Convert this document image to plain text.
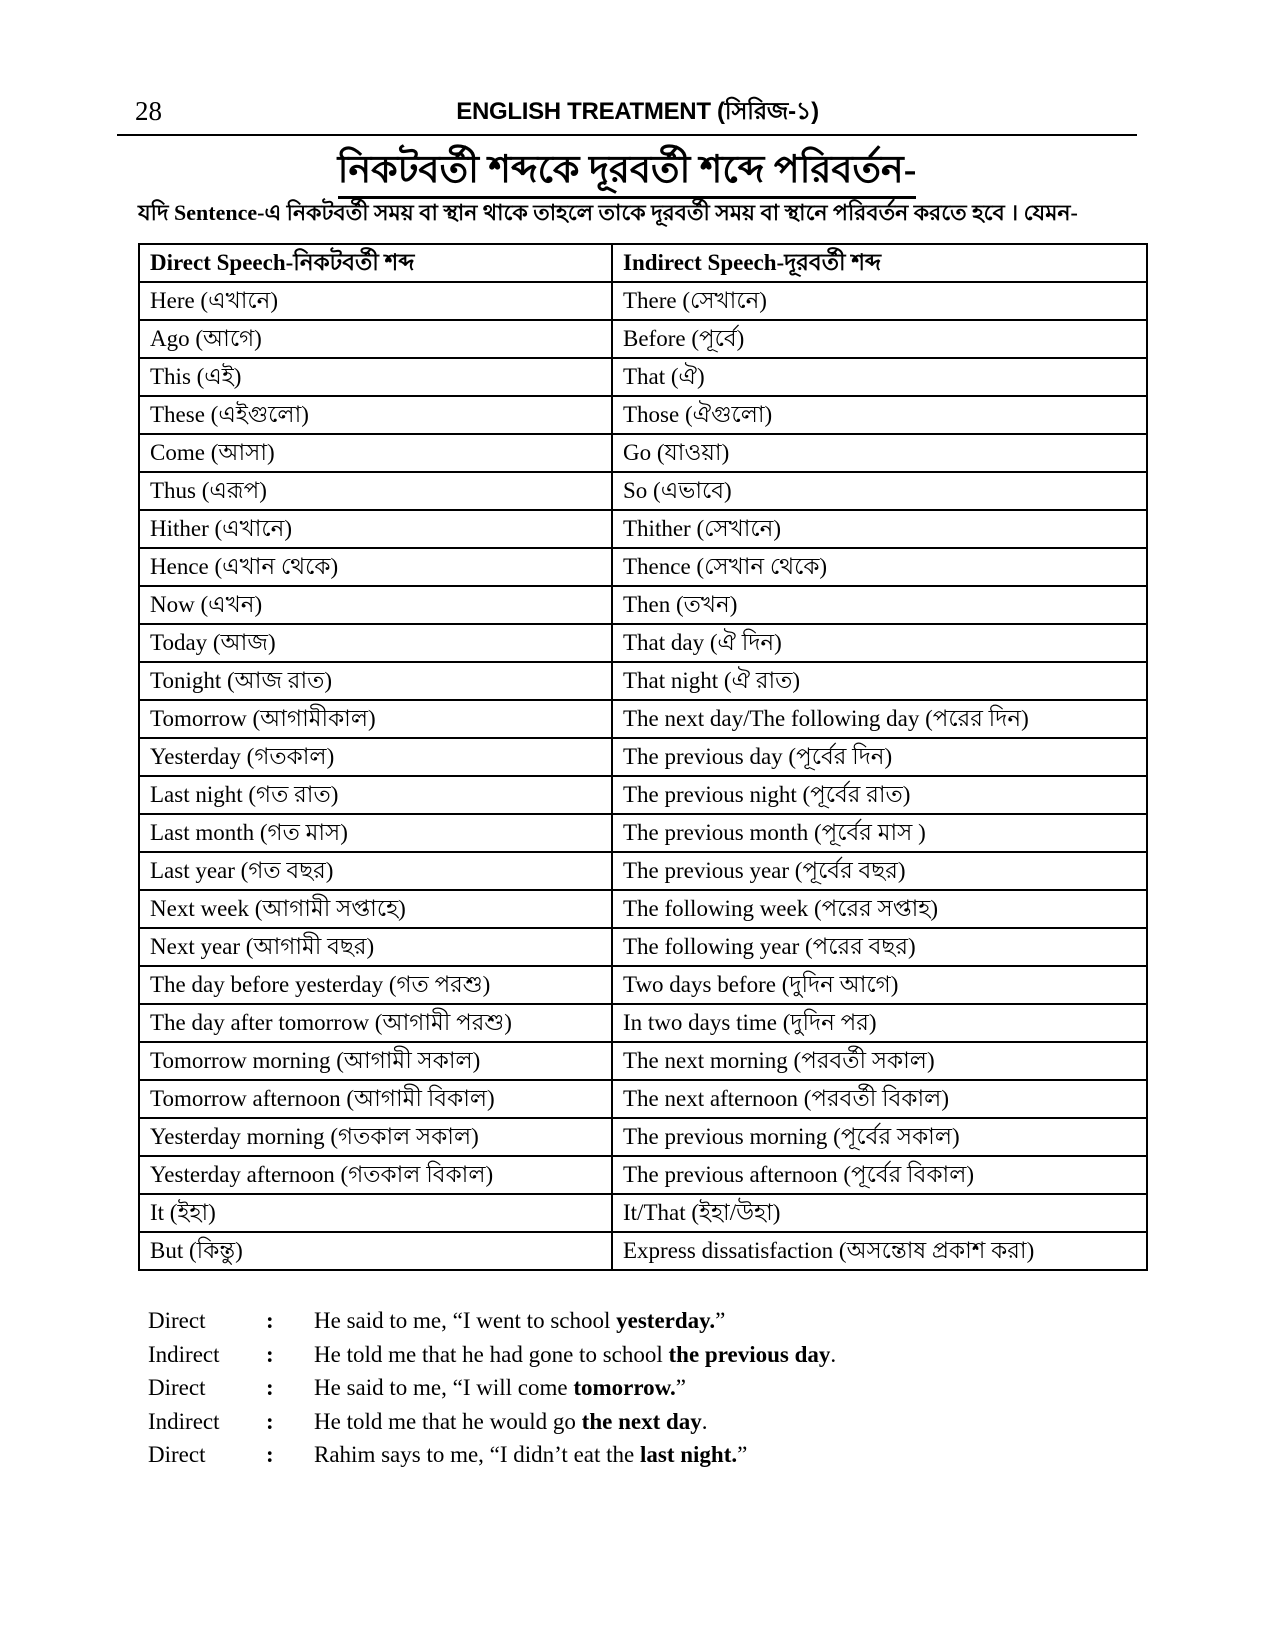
28	ENGLISH TREATMENT (সিরিজ-১)
নিকটবর্তী শব্দকে দূরবর্তী শব্দে পরিবর্তন-

যদি Sentence-এ নিকটবর্তী সময় বা স্থান থাকে তাহলে তাকে দূরবর্তী সময় বা স্থানে পরিবর্তন করতে হবে । যেমন-

Direct Speech-নিকটবর্তী শব্দ	Indirect Speech-দূরবর্তী শব্দ
Here (এখানে)	There (সেখানে)
Ago (আগে)	Before (পূর্বে)
This (এই)	That (ঐ)
These (এইগুলো)	Those (ঐগুলো)
Come (আসা)	Go (যাওয়া)
Thus (এরূপ)	So (এভাবে)
Hither (এখানে)	Thither (সেখানে)
Hence (এখান থেকে)	Thence (সেখান থেকে)
Now (এখন)	Then (তখন)
Today (আজ)	That day (ঐ দিন)
Tonight (আজ রাত)	That night (ঐ রাত)
Tomorrow (আগামীকাল)	The next day/The following day (পরের দিন)
Yesterday (গতকাল)	The previous day (পূর্বের দিন)
Last night (গত রাত)	The previous night (পূর্বের রাত)
Last month (গত মাস)	The previous month (পূর্বের মাস )
Last year (গত বছর)	The previous year (পূর্বের বছর)
Next week (আগামী সপ্তাহে)	The following week (পরের সপ্তাহ)
Next year (আগামী বছর)	The following year (পরের বছর)
The day before yesterday (গত পরশু)	Two days before (দুদিন আগে)
The day after tomorrow (আগামী পরশু)	In two days time (দুদিন পর)
Tomorrow morning (আগামী সকাল)	The next morning (পরবর্তী সকাল)
Tomorrow afternoon (আগামী বিকাল)	The next afternoon (পরবর্তী বিকাল)
Yesterday morning (গতকাল সকাল)	The previous morning (পূর্বের সকাল)
Yesterday afternoon (গতকাল বিকাল)	The previous afternoon (পূর্বের বিকাল)
It (ইহা)	It/That (ইহা/উহা)
But (কিন্তু)	Express dissatisfaction (অসন্তোষ প্রকাশ করা)
Direct	:	He said to me, “I went to school yesterday.”
Indirect	:	He told me that he had gone to school the previous day.
Direct	:	He said to me, “I will come tomorrow.”
Indirect	:	He told me that he would go the next day.
Direct	:	Rahim says to me, “I didn’t eat the last night.”
